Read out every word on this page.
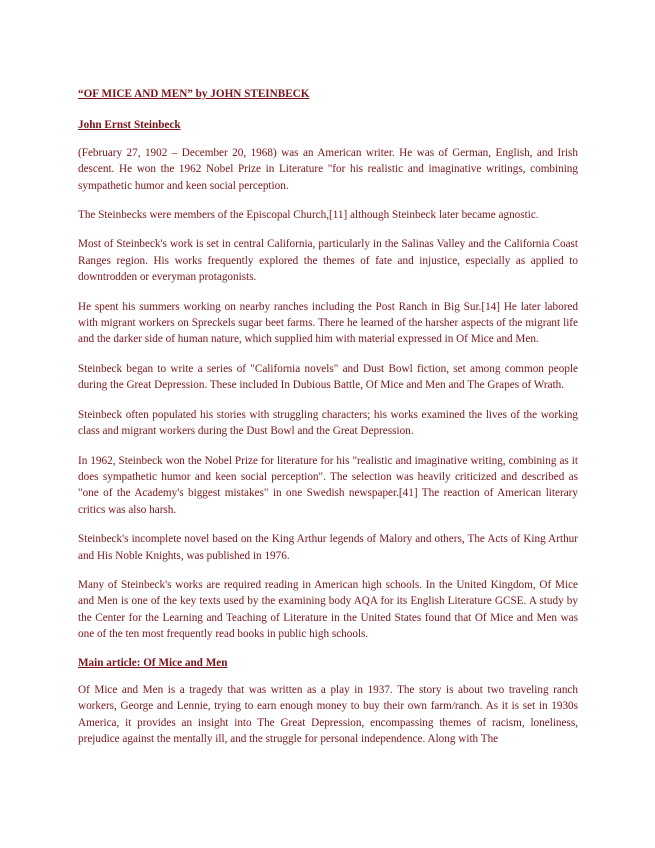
“OF MICE AND MEN” by JOHN STEINBECK
John Ernst Steinbeck

(February 27, 1902 – December 20, 1968) was an American writer. He was of German, English, and Irish descent. He won the 1962 Nobel Prize in Literature "for his realistic and imaginative writings, combining sympathetic humor and keen social perception.

The Steinbecks were members of the Episcopal Church,[11] although Steinbeck later became agnostic.

Most of Steinbeck's work is set in central California, particularly in the Salinas Valley and the California Coast Ranges region. His works frequently explored the themes of fate and injustice, especially as applied to downtrodden or everyman protagonists.

He spent his summers working on nearby ranches including the Post Ranch in Big Sur.[14] He later labored with migrant workers on Spreckels sugar beet farms. There he learned of the harsher aspects of the migrant life and the darker side of human nature, which supplied him with material expressed in Of Mice and Men.

Steinbeck began to write a series of "California novels" and Dust Bowl fiction, set among common people during the Great Depression. These included In Dubious Battle, Of Mice and Men and The Grapes of Wrath.

Steinbeck often populated his stories with struggling characters; his works examined the lives of the working class and migrant workers during the Dust Bowl and the Great Depression.

In 1962, Steinbeck won the Nobel Prize for literature for his "realistic and imaginative writing, combining as it does sympathetic humor and keen social perception". The selection was heavily criticized and described as "one of the Academy's biggest mistakes" in one Swedish newspaper.[41] The reaction of American literary critics was also harsh.

Steinbeck's incomplete novel based on the King Arthur legends of Malory and others, The Acts of King Arthur and His Noble Knights, was published in 1976.

Many of Steinbeck's works are required reading in American high schools. In the United Kingdom, Of Mice and Men is one of the key texts used by the examining body AQA for its English Literature GCSE. A study by the Center for the Learning and Teaching of Literature in the United States found that Of Mice and Men was one of the ten most frequently read books in public high schools.

Main article: Of Mice and Men

Of Mice and Men is a tragedy that was written as a play in 1937. The story is about two traveling ranch workers, George and Lennie, trying to earn enough money to buy their own farm/ranch. As it is set in 1930s America, it provides an insight into The Great Depression, encompassing themes of racism, loneliness, prejudice against the mentally ill, and the struggle for personal independence. Along with The
